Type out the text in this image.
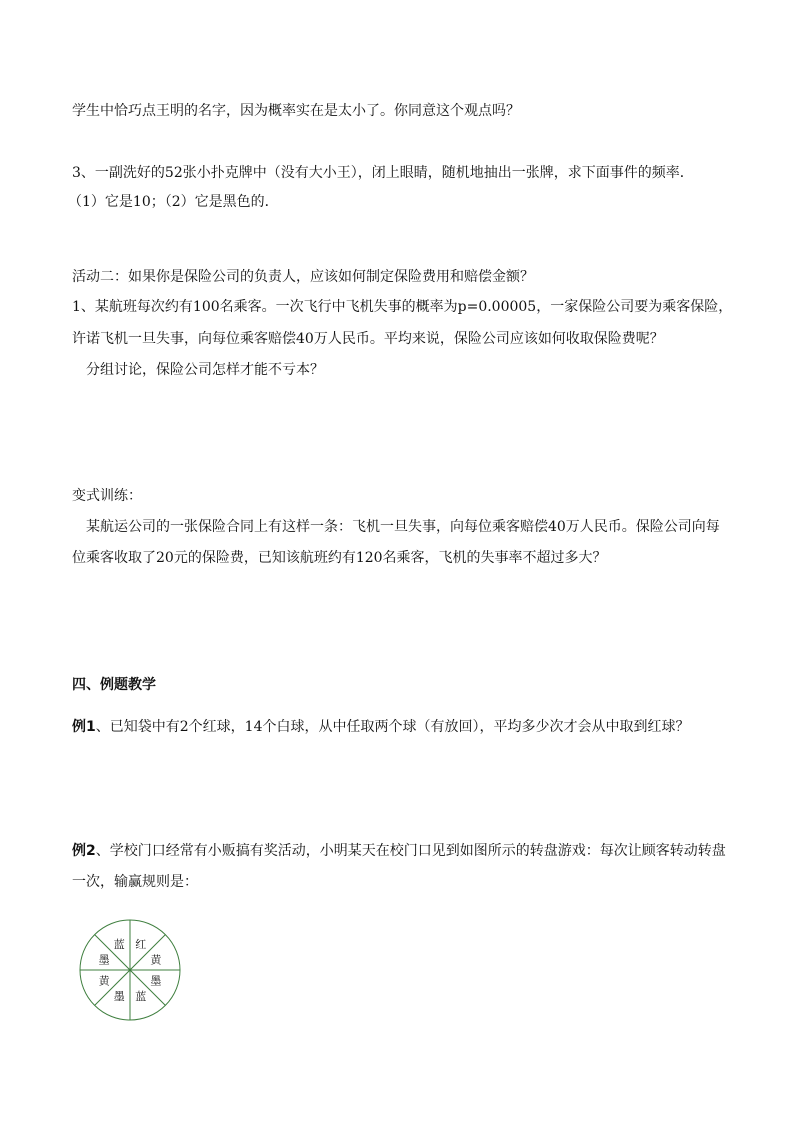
学生中恰巧点王明的名字，因为概率实在是太小了。你同意这个观点吗？
3、一副洗好的52张小扑克牌中（没有大小王），闭上眼睛，随机地抽出一张牌，求下面事件的频率．
（1）它是10；（2）它是黑色的．
活动二：如果你是保险公司的负责人，应该如何制定保险费用和赔偿金额？
1、某航班每次约有100名乘客。一次飞行中飞机失事的概率为p=0.00005，一家保险公司要为乘客保险，
许诺飞机一旦失事，向每位乘客赔偿40万人民币。平均来说，保险公司应该如何收取保险费呢？
分组讨论，保险公司怎样才能不亏本？
变式训练：
某航运公司的一张保险合同上有这样一条：飞机一旦失事，向每位乘客赔偿40万人民币。保险公司向每
位乘客收取了20元的保险费，已知该航班约有120名乘客，飞机的失事率不超过多大？
四、例题教学
例1、已知袋中有2个红球，14个白球，从中任取两个球（有放回），平均多少次才会从中取到红球？
例2、学校门口经常有小贩搞有奖活动，小明某天在校门口见到如图所示的转盘游戏：每次让顾客转动转盘
一次，输赢规则是：
红
黄
墨
蓝
墨
黄
墨
蓝
